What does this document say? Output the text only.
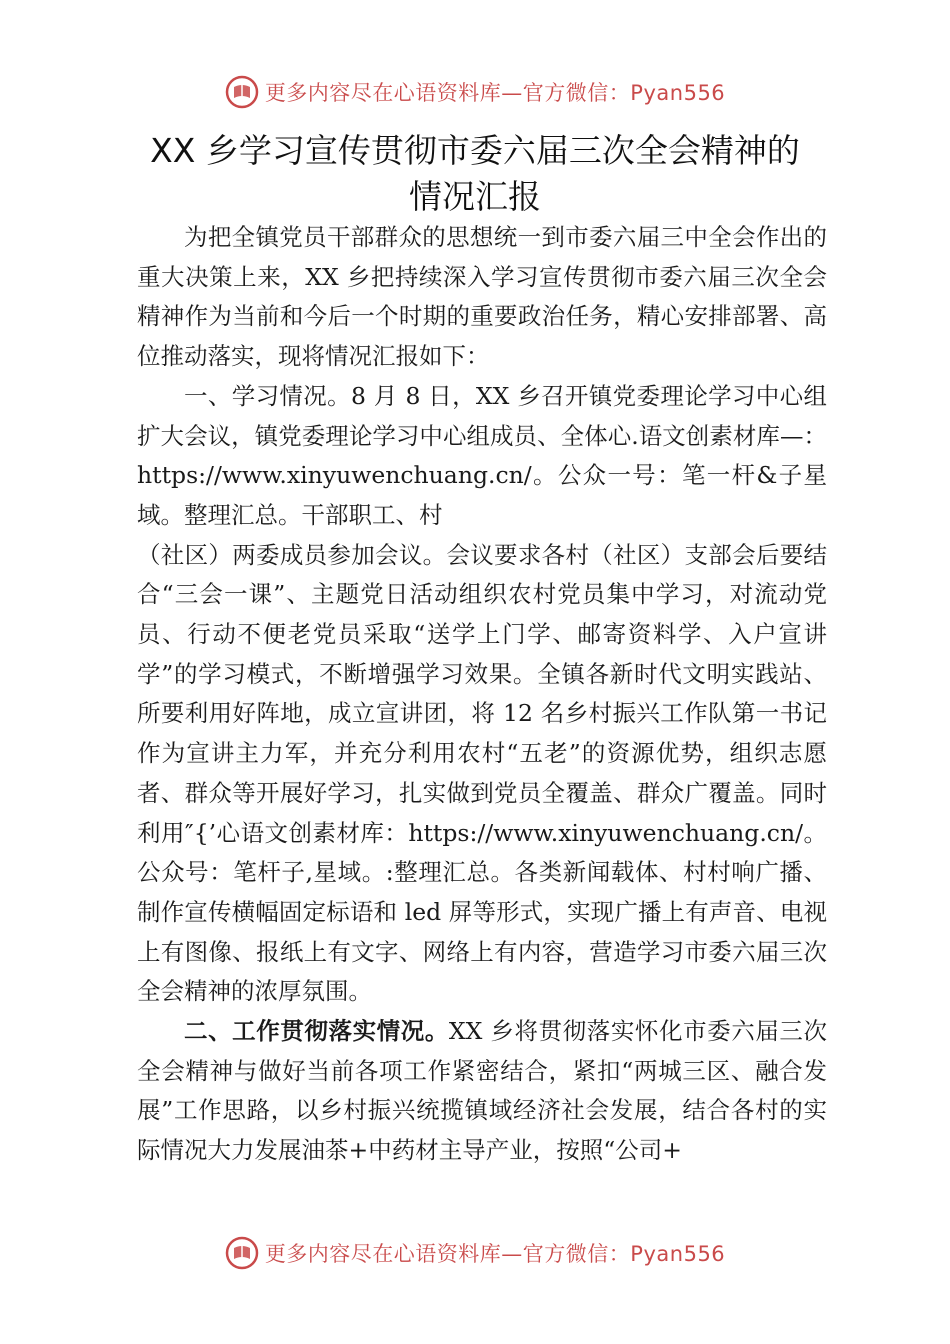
更多内容尽在心语资料库—官方微信：Pyan556
XX 乡学习宣传贯彻市委六届三次全会精神的
情况汇报

为把全镇党员干部群众的思想统一到市委六届三中全会作出的重大决策上来，XX 乡把持续深入学习宣传贯彻市委六届三次全会精神作为当前和今后一个时期的重要政治任务，精心安排部署、高位推动落实，现将情况汇报如下：

一、学习情况。8 月 8 日，XX 乡召开镇党委理论学习中心组扩大会议，镇党委理论学习中心组成员、全体心.语文创素材库—：https://www.xinyuwenchuang.cn/。公众一号：笔一杆&子星域。整理汇总。干部职工、村

（社区）两委成员参加会议。会议要求各村（社区）支部会后要结合“三会一课”、主题党日活动组织农村党员集中学习，对流动党员、行动不便老党员采取“送学上门学、邮寄资料学、入户宣讲学”的学习模式，不断增强学习效果。全镇各新时代文明实践站、所要利用好阵地，成立宣讲团，将 12 名乡村振兴工作队第一书记作为宣讲主力军，并充分利用农村“五老”的资源优势，组织志愿者、群众等开展好学习，扎实做到党员全覆盖、群众广覆盖。同时利用″{’心语文创素材库：https://www.xinyuwenchuang.cn/。公众号：笔杆子,星域。:整理汇总。各类新闻载体、村村响广播、制作宣传横幅固定标语和 led 屏等形式，实现广播上有声音、电视上有图像、报纸上有文字、网络上有内容，营造学习市委六届三次全会精神的浓厚氛围。

二、工作贯彻落实情况。XX 乡将贯彻落实怀化市委六届三次全会精神与做好当前各项工作紧密结合，紧扣“两城三区、融合发展”工作思路，以乡村振兴统揽镇域经济社会发展，结合各村的实际情况大力发展油茶+中药材主导产业，按照“公司+

更多内容尽在心语资料库—官方微信：Pyan556
